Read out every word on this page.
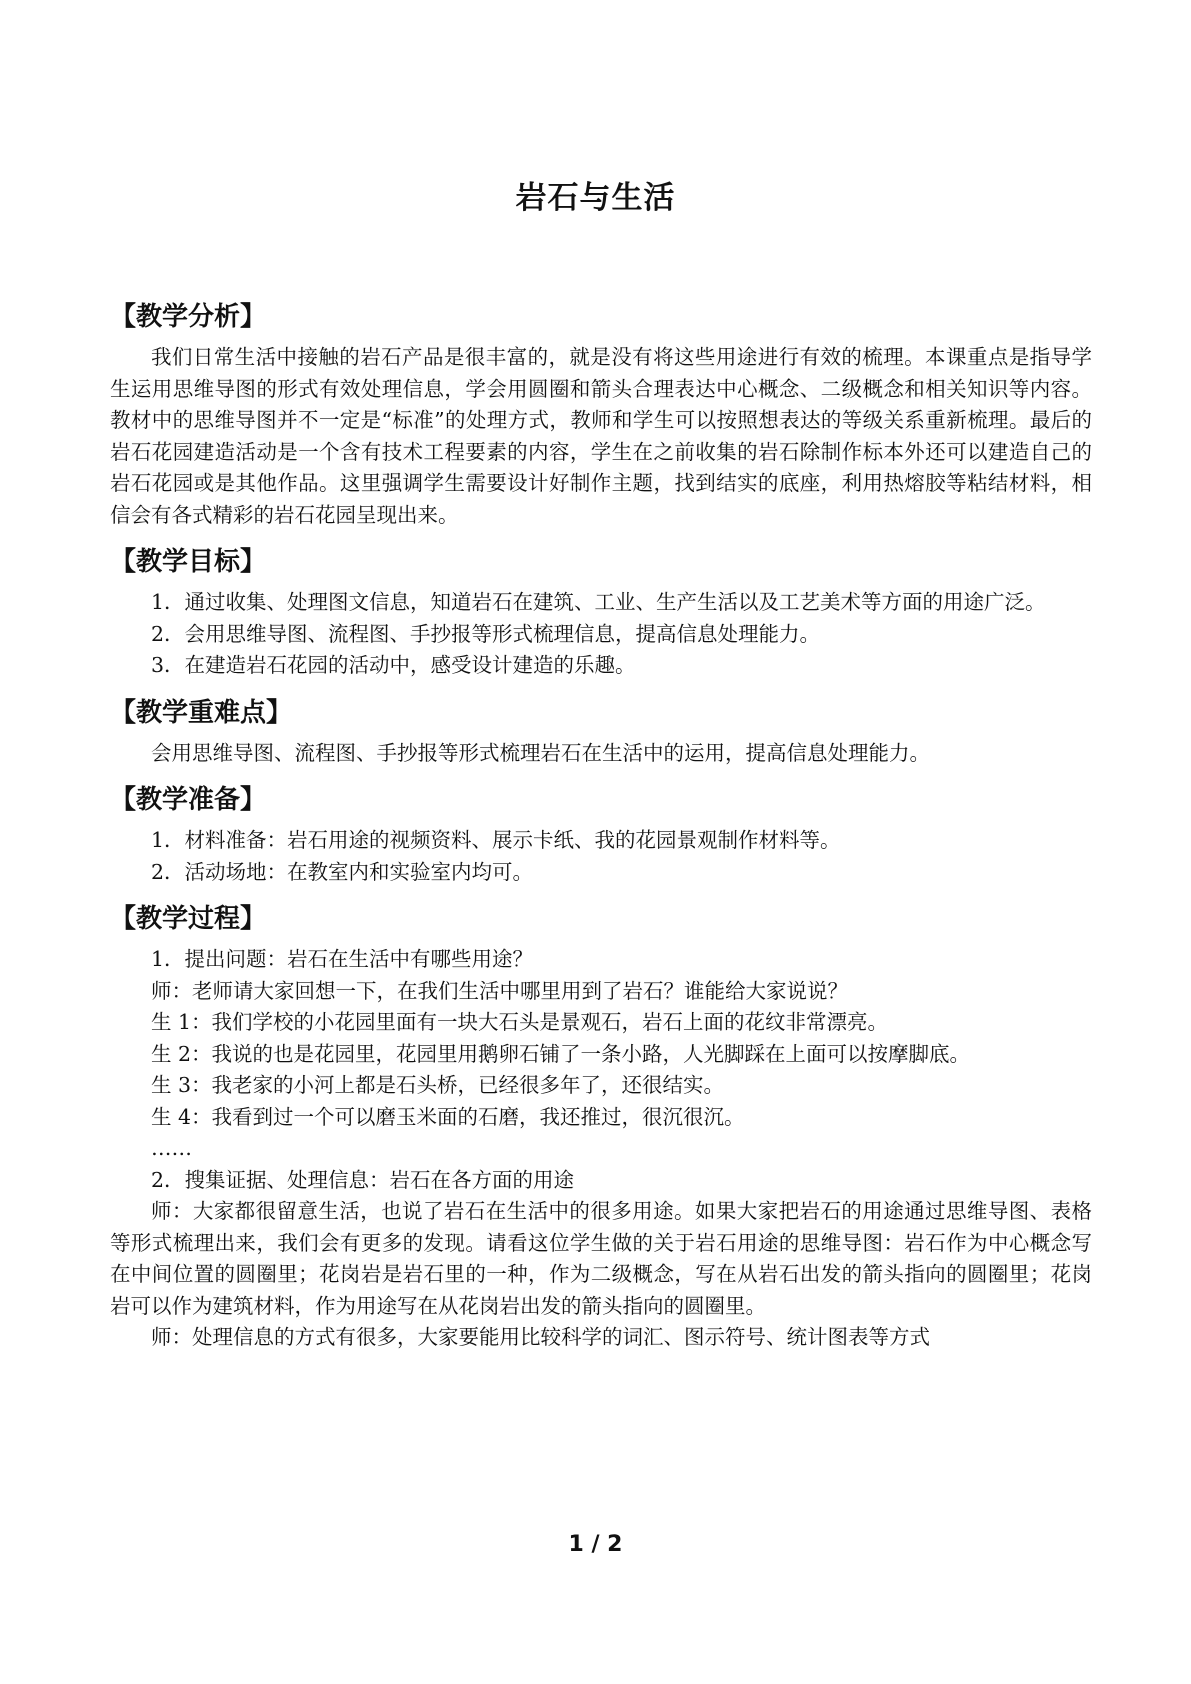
岩石与生活
【教学分析】

我们日常生活中接触的岩石产品是很丰富的，就是没有将这些用途进行有效的梳理。本课重点是指导学生运用思维导图的形式有效处理信息，学会用圆圈和箭头合理表达中心概念、二级概念和相关知识等内容。教材中的思维导图并不一定是“标准”的处理方式，教师和学生可以按照想表达的等级关系重新梳理。最后的岩石花园建造活动是一个含有技术工程要素的内容，学生在之前收集的岩石除制作标本外还可以建造自己的岩石花园或是其他作品。这里强调学生需要设计好制作主题，找到结实的底座，利用热熔胶等粘结材料，相信会有各式精彩的岩石花园呈现出来。

【教学目标】

1．通过收集、处理图文信息，知道岩石在建筑、工业、生产生活以及工艺美术等方面的用途广泛。

2．会用思维导图、流程图、手抄报等形式梳理信息，提高信息处理能力。

3．在建造岩石花园的活动中，感受设计建造的乐趣。

【教学重难点】

会用思维导图、流程图、手抄报等形式梳理岩石在生活中的运用，提高信息处理能力。

【教学准备】

1．材料准备：岩石用途的视频资料、展示卡纸、我的花园景观制作材料等。

2．活动场地：在教室内和实验室内均可。

【教学过程】

1．提出问题：岩石在生活中有哪些用途？

师：老师请大家回想一下，在我们生活中哪里用到了岩石？谁能给大家说说？

生 1：我们学校的小花园里面有一块大石头是景观石，岩石上面的花纹非常漂亮。

生 2：我说的也是花园里，花园里用鹅卵石铺了一条小路，人光脚踩在上面可以按摩脚底。

生 3：我老家的小河上都是石头桥，已经很多年了，还很结实。

生 4：我看到过一个可以磨玉米面的石磨，我还推过，很沉很沉。

……

2．搜集证据、处理信息：岩石在各方面的用途

师：大家都很留意生活，也说了岩石在生活中的很多用途。如果大家把岩石的用途通过思维导图、表格等形式梳理出来，我们会有更多的发现。请看这位学生做的关于岩石用途的思维导图：岩石作为中心概念写在中间位置的圆圈里；花岗岩是岩石里的一种，作为二级概念，写在从岩石出发的箭头指向的圆圈里；花岗岩可以作为建筑材料，作为用途写在从花岗岩出发的箭头指向的圆圈里。

师：处理信息的方式有很多，大家要能用比较科学的词汇、图示符号、统计图表等方式

1 / 2
